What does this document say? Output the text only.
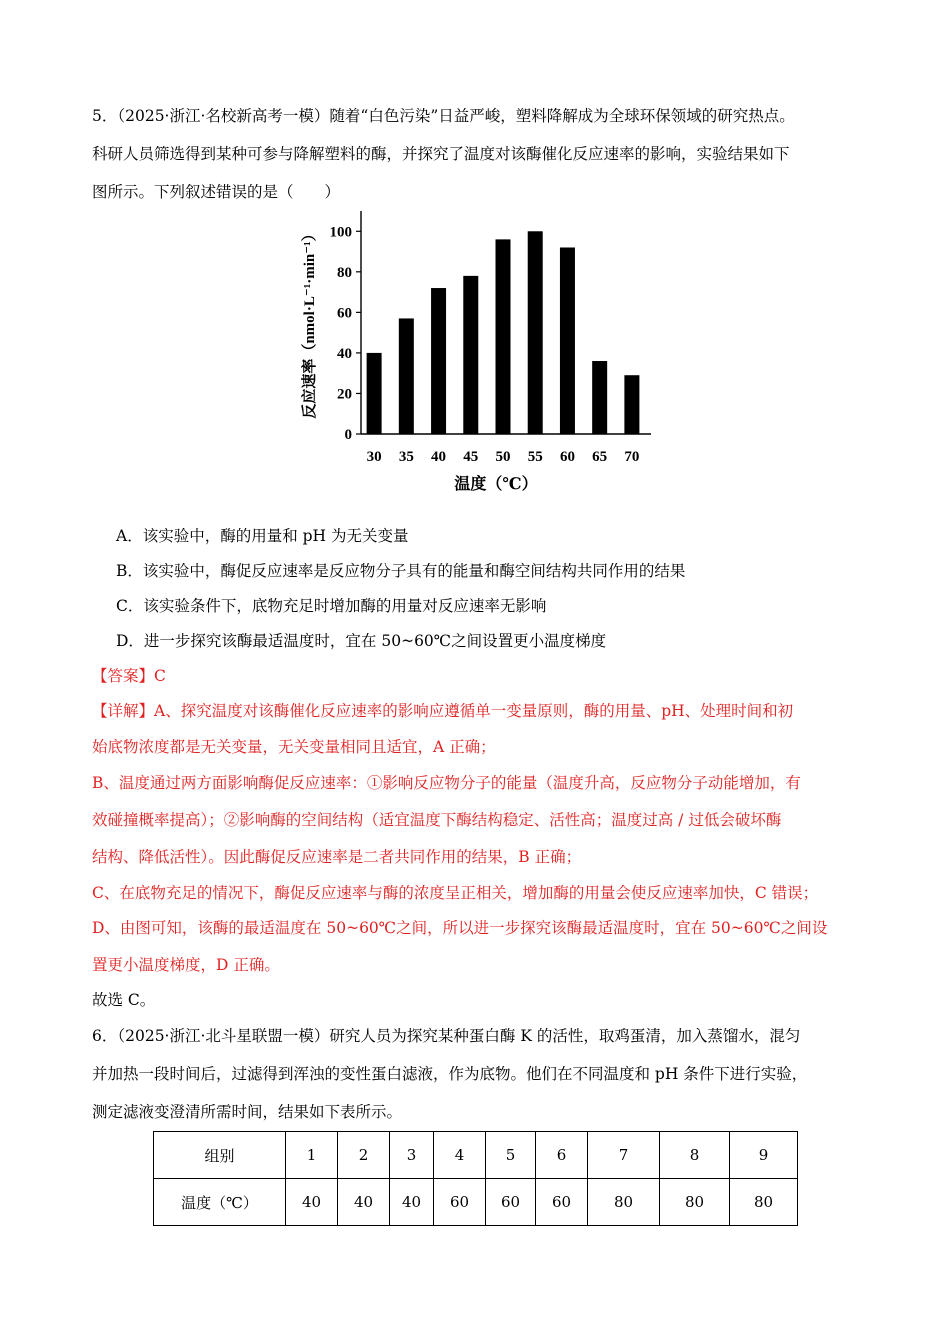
5．（2025·浙江·名校新高考一模）随着“白色污染”日益严峻，塑料降解成为全球环保领域的研究热点。
科研人员筛选得到某种可参与降解塑料的酶，并探究了温度对该酶催化反应速率的影响，实验结果如下
图所示。下列叙述错误的是（　　）
0
20
40
60
80
100
30 35 40 45 50 55 60 65 70
温度（℃）
反应速率（nmol·L⁻¹·min⁻¹）
A．该实验中，酶的用量和 pH 为无关变量
B．该实验中，酶促反应速率是反应物分子具有的能量和酶空间结构共同作用的结果
C．该实验条件下，底物充足时增加酶的用量对反应速率无影响
D．进一步探究该酶最适温度时，宜在 50~60℃之间设置更小温度梯度
【答案】C
【详解】A、探究温度对该酶催化反应速率的影响应遵循单一变量原则，酶的用量、pH、处理时间和初
始底物浓度都是无关变量，无关变量相同且适宜，A 正确；
B、温度通过两方面影响酶促反应速率：①影响反应物分子的能量（温度升高，反应物分子动能增加，有
效碰撞概率提高）；②影响酶的空间结构（适宜温度下酶结构稳定、活性高；温度过高 / 过低会破坏酶
结构、降低活性）。因此酶促反应速率是二者共同作用的结果，B 正确；
C、在底物充足的情况下，酶促反应速率与酶的浓度呈正相关，增加酶的用量会使反应速率加快，C 错误；
D、由图可知，该酶的最适温度在 50~60℃之间，所以进一步探究该酶最适温度时，宜在 50~60℃之间设
置更小温度梯度，D 正确。
故选 C。
6．（2025·浙江·北斗星联盟一模）研究人员为探究某种蛋白酶 K 的活性，取鸡蛋清，加入蒸馏水，混匀
并加热一段时间后，过滤得到浑浊的变性蛋白滤液，作为底物。他们在不同温度和 pH 条件下进行实验，
测定滤液变澄清所需时间，结果如下表所示。
组别	1	2	3	4	5	6	7	8	9
温度（℃）	40	40	40	60	60	60	80	80	80
